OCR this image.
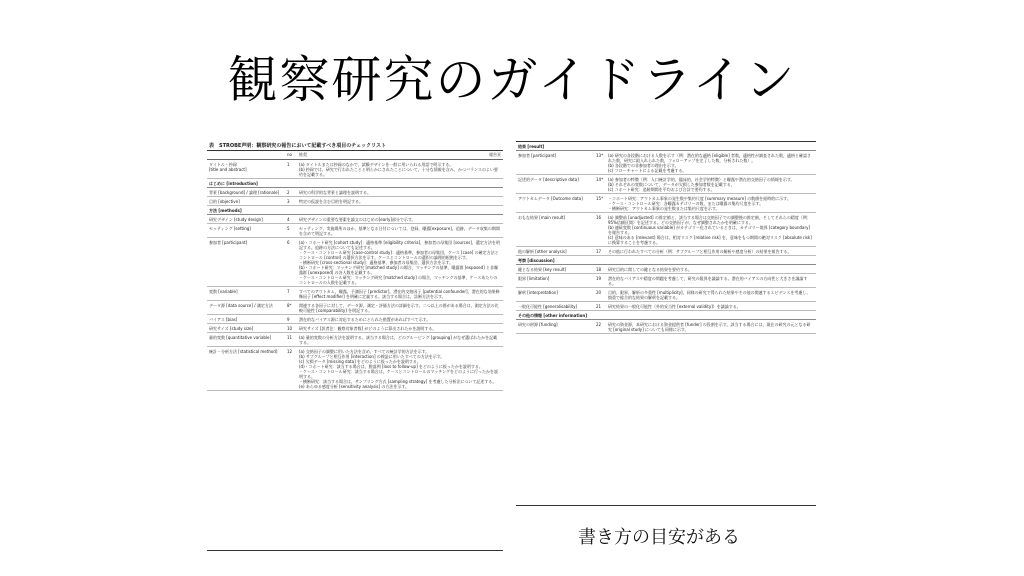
観察研究のガイドライン
表　STROBE声明：観察研究の報告において記載すべき項目のチェックリスト
no	推奨	報告頁
タイトル・抄録
[title and abstract]
1	(a) タイトルまたは抄録のなかで，試験デザインを一般に用いられる用語で明示する。
(b) 抄録では，研究で行われたことと明らかにされたことについて，十分な情報を含み，かつバランスのよい要約を記載する。
はじめに [introduction]
背景 [background] / 論理 [rationale]	2	研究の科学的な背景と論理を説明する。
目的 [objective]	3	特定の仮説を含む目的を明記する。
方法 [methods]
研究デザイン [study design]	4	研究デザインの重要な要素を論文のはじめの[early]部分で示す。
セッティング [setting]	5	セッティング，実施場所のほか，基準となる日付については，登録，曝露[exposure]，追跡，データ収集の期間を含めて明記する。
参加者 [participant]	6	(a)・コホート研究 [cohort study]：適格基準 [eligibility criteria]，参加者の母集団 [sources]，選定方法を明記する。追跡の方法についても記述する。
・ケース・コントロール研究 [case-control study]：適格基準，参加者の母集団，ケース [case] の確定方法とコントロール [control] の選択方法を示す。ケースとコントロールの選択の論理的根拠を示す。
・横断研究 [cross-sectional study]：適格基準，参加者の母集団，選択方法を示す。
(b)・コホート研究：マッチング研究 [matched study] の場合，マッチングの基準，曝露群 [exposed] と非曝露群 [unexposed] の各人数を記載する。
・ケース・コントロール研究：マッチング研究 [matched study] の場合，マッチングの基準，ケースあたりのコントロールの人数を記載する。
変数 [variable]	7	すべてのアウトカム，曝露，予測因子 [predictor]，潜在的交絡因子 [potential confounder]，潜在的な効果修飾因子 [effect modifier] を明確に定義する。該当する場合は，診断方法を示す。
データ源 [data source] / 測定方法	8*	関連する各因子に対して，データ源，測定・評価方法の詳細を示す。二つ以上の群がある場合は，測定方法の比較可能性 [comparability] を明記する。
バイアス [bias]	9	潜在的なバイアス源に対応するためにとられた措置があればすべて示す。
研究サイズ [study size]	10	研究サイズ [訳者注：観察対象者数] がどのように算出されたかを説明する。
量的変数 [quantitative variable]	11	(a) 量的変数の分析方法を説明する。該当する場合は，どのグルーピング [grouping] がなぜ選ばれたかを記載する。
統計・分析方法 [statistical method]	12	(a) 交絡因子の調整に用いた方法を含め，すべての統計学的方法を示す。
(b) サブグループと相互作用 [interaction] の検証に用いたすべての方法を示す。
(c) 欠損データ [missing data] をどのように扱ったかを説明する。
(d)・コホート研究：該当する場合は，脱落例 [loss to follow-up] をどのように扱ったかを説明する。
・ケース・コントロール研究：該当する場合は，ケースとコントロールのマッチングをどのように行ったかを説明する。
・横断研究：該当する場合は，サンプリング方式 [sampling strategy] を考慮した分析法について記述する。
(e) あらゆる感度分析 [sensitivity analysis] の方法を示す。
結果 [result]
参加者 [participant]	13*	(a) 研究の各段階における人数を示す（例：潜在的な適格 [eligible] 者数，適格性が調査された数，適格と確認された数，研究に組入れられた数，フォローアップを完了した数，分析された数）。
(b) 各段階での非参加者の理由を示す。
(c) フローチャートによる記載を考慮する。
記述的データ [descriptive data]	14*	(a) 参加者の特徴（例：人口統計学的，臨床的，社会学的特徴）と曝露や潜在的交絡因子の情報を示す。
(b) それぞれの変数について，データが欠損した参加者数を記載する。
(c) コホート研究：追跡期間を平均および合計で要約する。
アウトカムデータ [Outcome data]	15*	・コホート研究：アウトカム事象の発生数や集約尺度 [summary measure] の数値を経時的に示す。
・ケース・コントロール研究：各曝露カテゴリーの数，または曝露の集約尺度を示す。
・横断研究：アウトカム事象の発生数または集約尺度を示す。
おもな結果 [main result]	16	(a) 調整前 [unadjusted] の推定値と，該当する場合は交絡因子での調整後の推定値，そしてそれらの精度（例：95%信頼区間）を記述する。どの交絡因子が，なぜ調整されたかを明確にする。
(b) 連続変数 [continuous variable] がカテゴリー化されているときは，カテゴリー境界 [category boundary] を報告する。
(c) 意味のある [relevant] 場合は，相対リスク [relative risk] を，意味をもつ期間の絶対リスク [absolute risk] に換算することを考慮する。
他の解析 [other analysis]	17	その他に行われたすべての分析（例：サブグループと相互作用の解析や感度分析）の結果を報告する。
考察 [discussion]
鍵となる結果 [key result]	18	研究目的に関しての鍵となる結果を要約する。
限界 [limitation]	19	潜在的なバイアスや精度の問題を考慮して，研究の限界を議論する。潜在的バイアスの方向性と大きさを議論する。
解釈 [interpretation]	20	目的，限界，解析の多重性 [multiplicity]，同様の研究で得られた結果やその他の関連するエビデンスを考慮し，慎重で総合的な結果の解釈を記載する。
一般化可能性 [generalisability]	21	研究結果の一般化可能性（外的妥当性 [external validity]）を議論する。
その他の情報 [other information]
研究の財源 [funding]	22	研究の資金源，本研究における資金提供者 [funder] の役割を示す。該当する場合には，現在の研究の元となる研究 [original study] についても同様に示す。
書き方の目安がある
